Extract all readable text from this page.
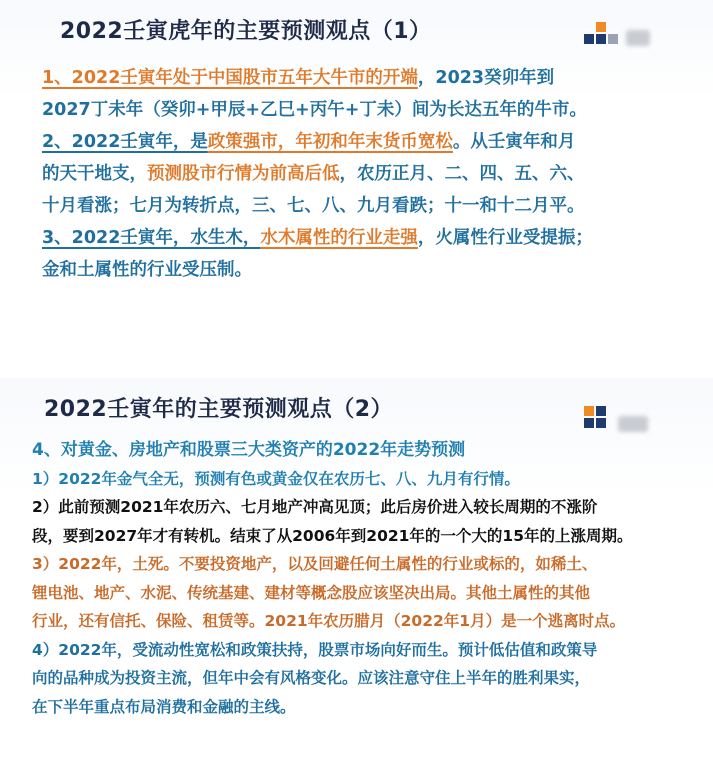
2022壬寅虎年的主要预测观点（1）
1、2022壬寅年处于中国股市五年大牛市的开端，2023癸卯年到
2027丁未年（癸卯+甲辰+乙巳+丙午+丁未）间为长达五年的牛市。
2、2022壬寅年，是政策强市，年初和年末货币宽松。从壬寅年和月
的天干地支，预测股市行情为前高后低，农历正月、二、四、五、六、
十月看涨；七月为转折点，三、七、八、九月看跌；十一和十二月平。
3、2022壬寅年，水生木，水木属性的行业走强，火属性行业受提振；
金和土属性的行业受压制。
2022壬寅年的主要预测观点（2）
4、对黄金、房地产和股票三大类资产的2022年走势预测
1）2022年金气全无，预测有色或黄金仅在农历七、八、九月有行情。
2）此前预测2021年农历六、七月地产冲高见顶；此后房价进入较长周期的不涨阶
段，要到2027年才有转机。结束了从2006年到2021年的一个大的15年的上涨周期。
3）2022年，土死。不要投资地产，以及回避任何土属性的行业或标的，如稀土、
锂电池、地产、水泥、传统基建、建材等概念股应该坚决出局。其他土属性的其他
行业，还有信托、保险、租赁等。2021年农历腊月（2022年1月）是一个逃离时点。
4）2022年，受流动性宽松和政策扶持，股票市场向好而生。预计低估值和政策导
向的品种成为投资主流，但年中会有风格变化。应该注意守住上半年的胜利果实，
在下半年重点布局消费和金融的主线。
